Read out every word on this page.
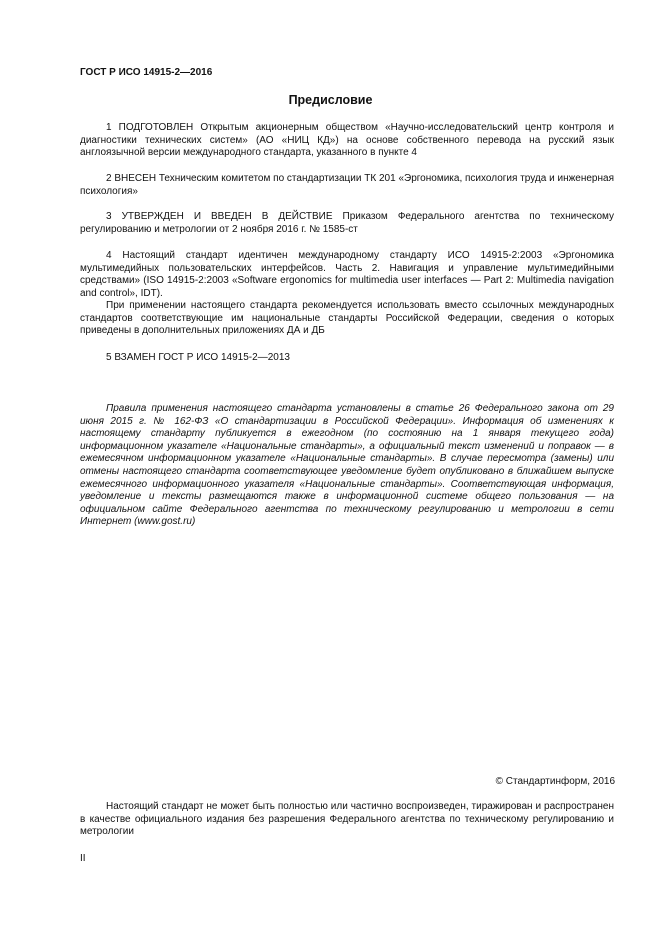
ГОСТ Р ИСО 14915-2—2016
Предисловие
1 ПОДГОТОВЛЕН Открытым акционерным обществом «Научно-исследовательский центр контроля и диагностики технических систем» (АО «НИЦ КД») на основе собственного перевода на русский язык англоязычной версии международного стандарта, указанного в пункте 4
2 ВНЕСЕН Техническим комитетом по стандартизации ТК 201 «Эргономика, психология труда и инженерная психология»
3 УТВЕРЖДЕН И ВВЕДЕН В ДЕЙСТВИЕ Приказом Федерального агентства по техническому регулированию и метрологии от 2 ноября 2016 г. № 1585-ст
4 Настоящий стандарт идентичен международному стандарту ИСО 14915-2:2003 «Эргономика мультимедийных пользовательских интерфейсов. Часть 2. Навигация и управление мультимедийными средствами» (ISO 14915-2:2003 «Software ergonomics for multimedia user interfaces — Part 2: Multimedia navigation and control», IDT).
При применении настоящего стандарта рекомендуется использовать вместо ссылочных международных стандартов соответствующие им национальные стандарты Российской Федерации, сведения о которых приведены в дополнительных приложениях ДА и ДБ
5 ВЗАМЕН ГОСТ Р ИСО 14915-2—2013
Правила применения настоящего стандарта установлены в статье 26 Федерального закона от 29 июня 2015 г. № 162-ФЗ «О стандартизации в Российской Федерации». Информация об изменениях к настоящему стандарту публикуется в ежегодном (по состоянию на 1 января текущего года) информационном указателе «Национальные стандарты», а официальный текст изменений и поправок — в ежемесячном информационном указателе «Национальные стандарты». В случае пересмотра (замены) или отмены настоящего стандарта соответствующее уведомление будет опубликовано в ближайшем выпуске ежемесячного информационного указателя «Национальные стандарты». Соответствующая информация, уведомление и тексты размещаются также в информационной системе общего пользования — на официальном сайте Федерального агентства по техническому регулированию и метрологии в сети Интернет (www.gost.ru)
© Стандартинформ, 2016
Настоящий стандарт не может быть полностью или частично воспроизведен, тиражирован и распространен в качестве официального издания без разрешения Федерального агентства по техническому регулированию и метрологии
II
